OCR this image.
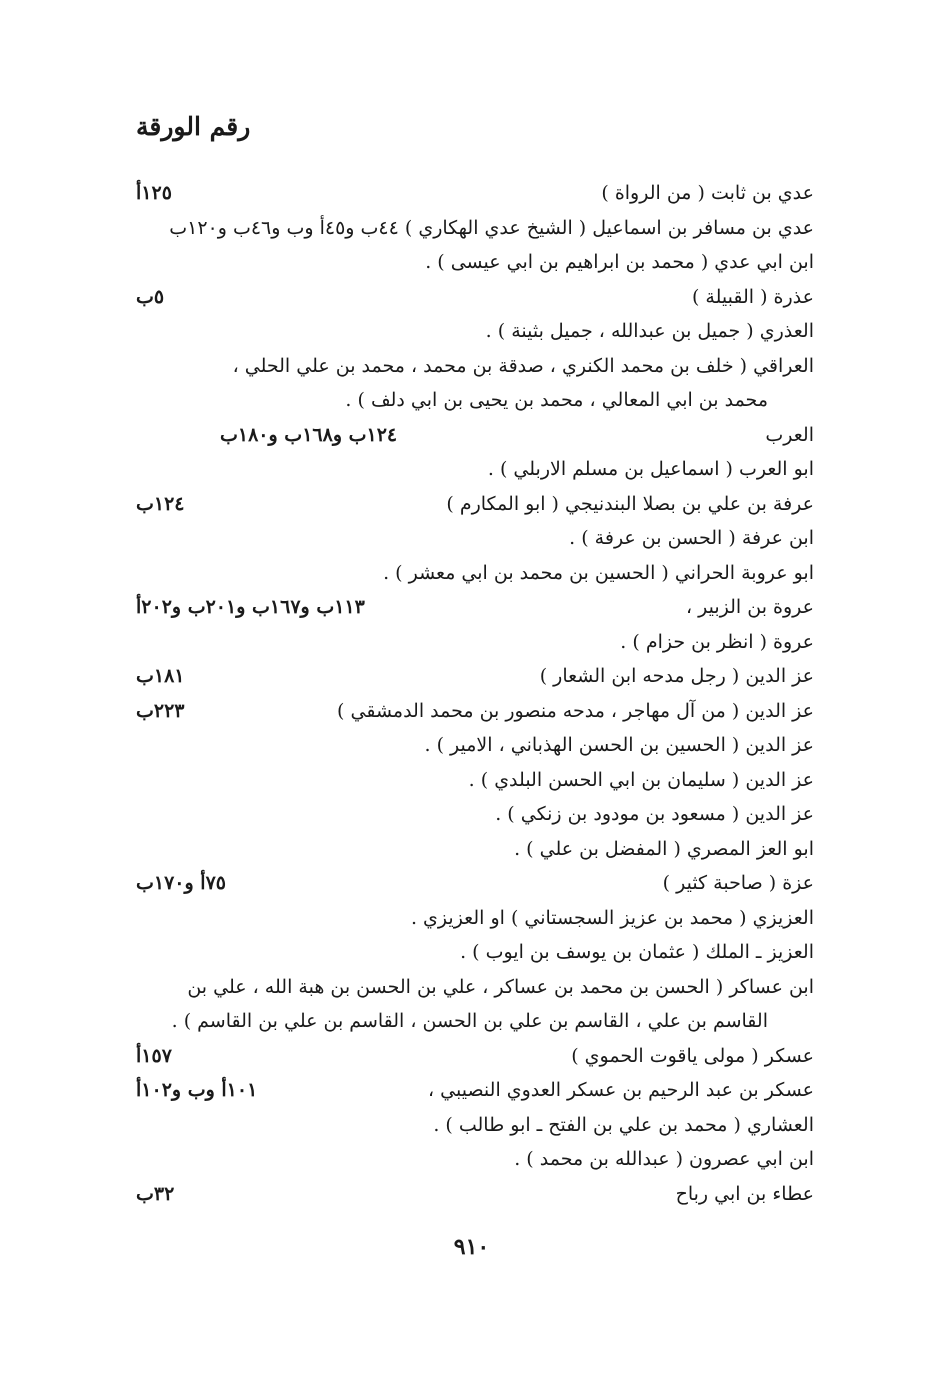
رقم الورقة
عدي بن ثابت ( من الرواة )
١٢٥أ
عدي بن مسافر بن اسماعيل ( الشيخ عدي الهكاري ) ٤٤ب و٤٥أ وب و٤٦ب و١٢٠ب
ابن ابي عدي ( محمد بن ابراهيم بن ابي عيسى ) .
عذرة ( القبيلة )
٥ب
العذري ( جميل بن عبدالله ، جميل بثينة ) .
العراقي ( خلف بن محمد الكنري ، صدقة بن محمد ، محمد بن علي الحلي ،
محمد بن ابي المعالي ، محمد بن يحيى بن ابي دلف ) .
العرب
١٢٤ب و١٦٨ب و١٨٠ب
ابو العرب ( اسماعيل بن مسلم الاربلي ) .
عرفة بن علي بن بصلا البندنيجي ( ابو المكارم )
١٢٤ب
ابن عرفة ( الحسن بن عرفة ) .
ابو عروبة الحراني ( الحسين بن محمد بن ابي معشر ) .
عروة بن الزبير ،
١١٣ب و١٦٧ب و٢٠١ب و٢٠٢أ
عروة ( انظر بن حزام ) .
عز الدين ( رجل مدحه ابن الشعار )
١٨١ب
عز الدين ( من آل مهاجر ، مدحه منصور بن محمد الدمشقي )
٢٢٣ب
عز الدين ( الحسين بن الحسن الهذباني ، الامير ) .
عز الدين ( سليمان بن ابي الحسن البلدي ) .
عز الدين ( مسعود بن مودود بن زنكي ) .
ابو العز المصري ( المفضل بن علي ) .
عزة ( صاحبة كثير )
٧٥أ و١٧٠ب
العزيزي ( محمد بن عزيز السجستاني ) او العزيزي .
العزيز ـ الملك ( عثمان بن يوسف بن ايوب ) .
ابن عساكر ( الحسن بن محمد بن عساكر ، علي بن الحسن بن هبة الله ، علي بن
القاسم بن علي ، القاسم بن علي بن الحسن ، القاسم بن علي بن القاسم ) .
عسكر ( مولى ياقوت الحموي )
١٥٧أ
عسكر بن عبد الرحيم بن عسكر العدوي النصيبي ،
١٠١أ وب و١٠٢أ
العشاري ( محمد بن علي بن الفتح ـ ابو طالب ) .
ابن ابي عصرون ( عبدالله بن محمد ) .
عطاء بن ابي رباح
٣٢ب
٩١٠
